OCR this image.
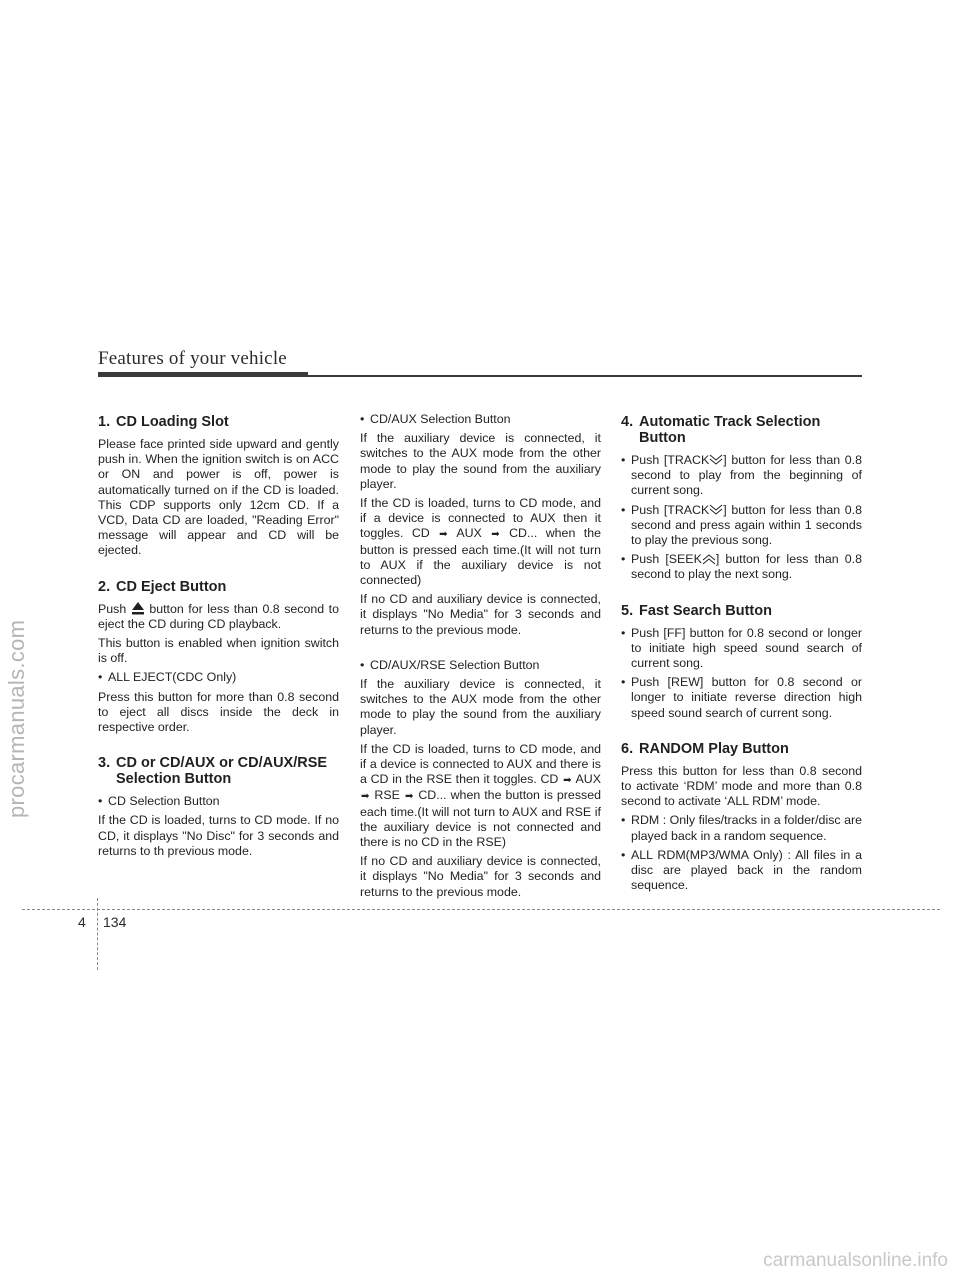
Features of your vehicle
1. CD Loading Slot

Please face printed side upward and gently push in. When the ignition switch is on ACC or ON and power is off, power is automatically turned on if the CD is loaded. This CDP supports only 12cm CD. If a VCD, Data CD are loaded, "Reading Error" message will appear and CD will be ejected.

2. CD Eject Button

Push button for less than 0.8 second to eject the CD during CD playback.

This button is enabled when ignition switch is off.

• ALL EJECT(CDC Only)

Press this button for more than 0.8 second to eject all discs inside the deck in respective order.

3. CD or CD/AUX or CD/AUX/RSE Selection Button

• CD Selection Button

If the CD is loaded, turns to CD mode. If no CD, it displays "No Disc" for 3 seconds and returns to th previous mode.

• CD/AUX Selection Button

If the auxiliary device is connected, it switches to the AUX mode from the other mode to play the sound from the auxiliary player.

If the CD is loaded, turns to CD mode, and if a device is connected to AUX then it toggles. CD ➡ AUX ➡ CD... when the button is pressed each time.(It will not turn to AUX if the auxiliary device is not connected)

If no CD and auxiliary device is connected, it displays "No Media" for 3 seconds and returns to the previous mode.

• CD/AUX/RSE Selection Button

If the auxiliary device is connected, it switches to the AUX mode from the other mode to play the sound from the auxiliary player.

If the CD is loaded, turns to CD mode, and if a device is connected to AUX and there is a CD in the RSE then it toggles. CD ➡ AUX ➡ RSE ➡ CD... when the button is pressed each time.(It will not turn to AUX and RSE if the auxiliary device is not connected and there is no CD in the RSE)

If no CD and auxiliary device is connected, it displays "No Media" for 3 seconds and returns to the previous mode.

4. Automatic Track Selection Button

• Push [TRACK ] button for less than 0.8 second to play from the beginning of current song.

• Push [TRACK ] button for less than 0.8 second and press again within 1 seconds to play the previous song.

• Push [SEEK ] button for less than 0.8 second to play the next song.

5. Fast Search Button

• Push [FF] button for 0.8 second or longer to initiate high speed sound search of current song.

• Push [REW] button for 0.8 second or longer to initiate reverse direction high speed sound search of current song.

6. RANDOM Play Button

Press this button for less than 0.8 second to activate ‘RDM’ mode and more than 0.8 second to activate ‘ALL RDM’ mode.

• RDM : Only files/tracks in a folder/disc are played back in a random sequence.

• ALL RDM(MP3/WMA Only) : All files in a disc are played back in the random sequence.

4 134
procarmanuals.com
carmanualsonline.info
